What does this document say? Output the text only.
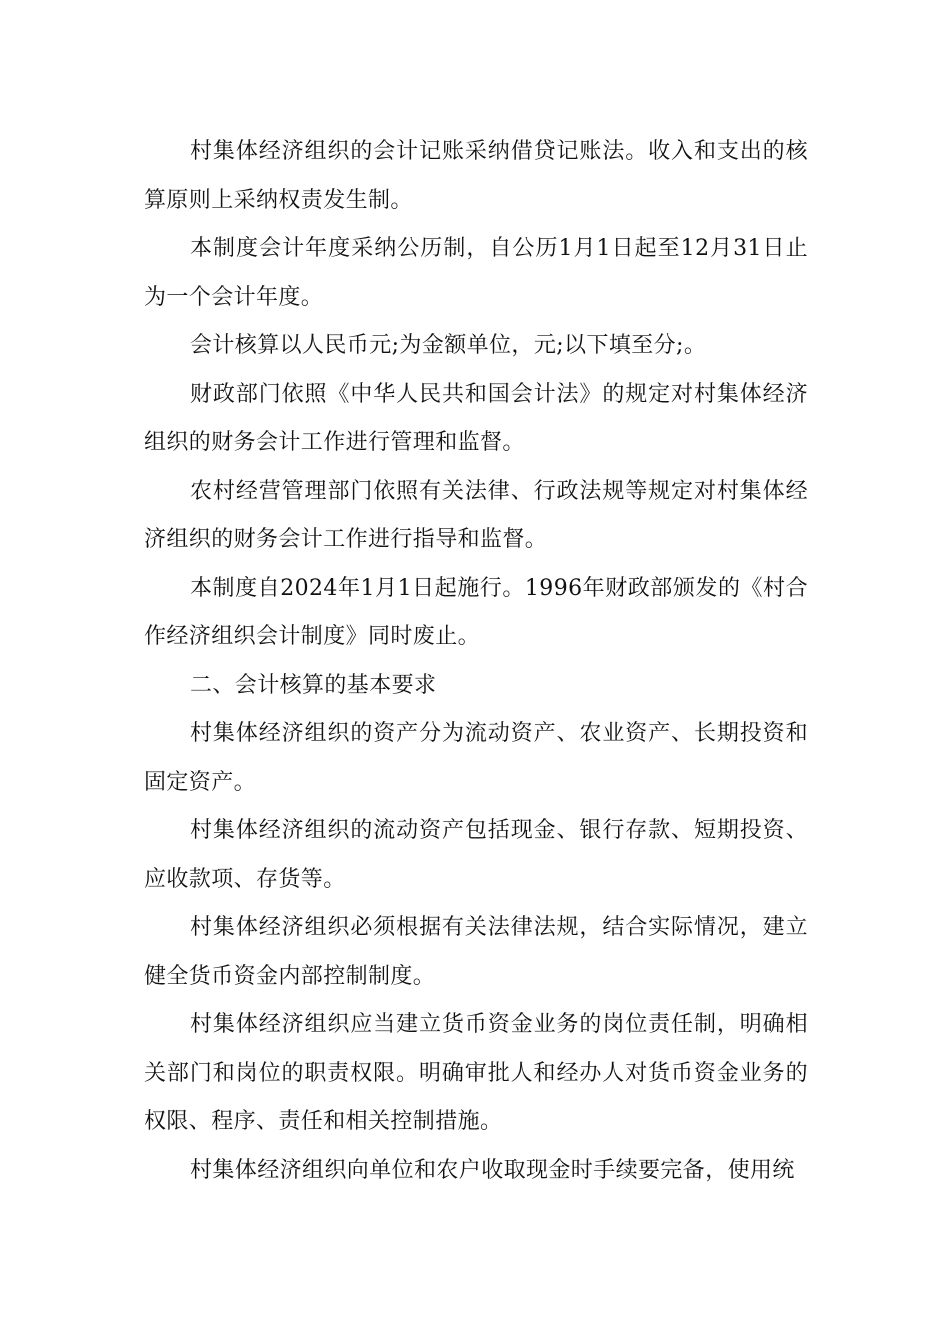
村集体经济组织的会计记账采纳借贷记账法。收入和支出的核算原则上采纳权责发生制。

本制度会计年度采纳公历制，自公历1月1日起至12月31日止为一个会计年度。

会计核算以人民币元;为金额单位，元;以下填至分;。

财政部门依照《中华人民共和国会计法》的规定对村集体经济组织的财务会计工作进行管理和监督。

农村经营管理部门依照有关法律、行政法规等规定对村集体经济组织的财务会计工作进行指导和监督。

本制度自2024年1月1日起施行。1996年财政部颁发的《村合作经济组织会计制度》同时废止。

二、会计核算的基本要求

村集体经济组织的资产分为流动资产、农业资产、长期投资和固定资产。

村集体经济组织的流动资产包括现金、银行存款、短期投资、应收款项、存货等。

村集体经济组织必须根据有关法律法规，结合实际情况，建立健全货币资金内部控制制度。

村集体经济组织应当建立货币资金业务的岗位责任制，明确相关部门和岗位的职责权限。明确审批人和经办人对货币资金业务的权限、程序、责任和相关控制措施。

村集体经济组织向单位和农户收取现金时手续要完备，使用统
